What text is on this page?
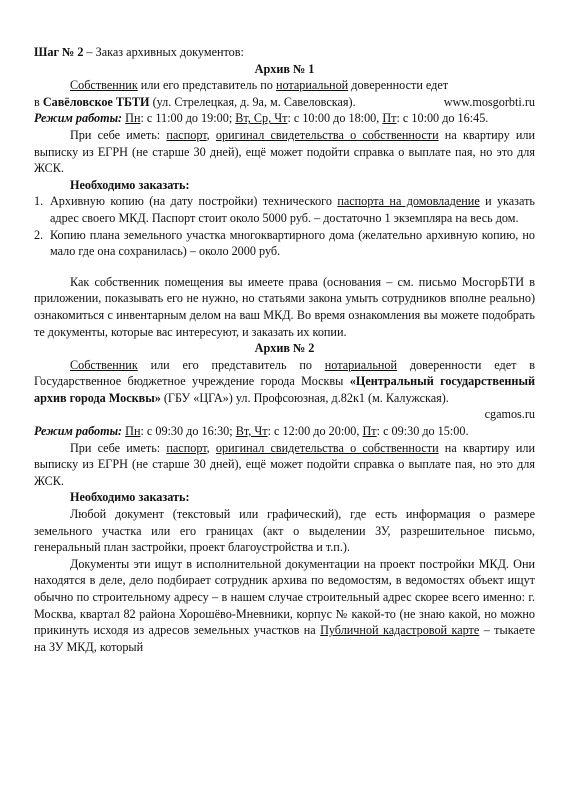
Шаг № 2 – Заказ архивных документов:

Архив № 1

Собственник или его представитель по нотариальной доверенности едет

в Савёловское ТБТИ (ул. Стрелецкая, д. 9а, м. Савеловская).	www.mosgorbti.ru

Режим работы: Пн: с 11:00 до 19:00; Вт, Ср, Чт: с 10:00 до 18:00, Пт: с 10:00 до 16:45.

При себе иметь: паспорт, оригинал свидетельства о собственности на квартиру или выписку из ЕГРН (не старше 30 дней), ещё может подойти справка о выплате пая, но это для ЖСК.

Необходимо заказать:

1. Архивную копию (на дату постройки) технического паспорта на домовладение и указать адрес своего МКД. Паспорт стоит около 5000 руб. – достаточно 1 экземпляра на весь дом.
2. Копию плана земельного участка многоквартирного дома (желательно архивную копию, но мало где она сохранилась) – около 2000 руб.

Как собственник помещения вы имеете права (основания – см. письмо МосгорБТИ в приложении, показывать его не нужно, но статьями закона умыть сотрудников вполне реально) ознакомиться с инвентарным делом на ваш МКД. Во время ознакомления вы можете подобрать те документы, которые вас интересуют, и заказать их копии.

Архив № 2

Собственник или его представитель по нотариальной доверенности едет в Государственное бюджетное учреждение города Москвы «Центральный государственный архив города Москвы» (ГБУ «ЦГА») ул. Профсоюзная, д.82к1 (м. Калужская).

cgamos.ru

Режим работы: Пн: с 09:30 до 16:30; Вт, Чт: с 12:00 до 20:00, Пт: с 09:30 до 15:00.

При себе иметь: паспорт, оригинал свидетельства о собственности на квартиру или выписку из ЕГРН (не старше 30 дней), ещё может подойти справка о выплате пая, но это для ЖСК.

Необходимо заказать:

Любой документ (текстовый или графический), где есть информация о размере земельного участка или его границах (акт о выделении ЗУ, разрешительное письмо, генеральный план застройки, проект благоустройства и т.п.).

Документы эти ищут в исполнительной документации на проект постройки МКД. Они находятся в деле, дело подбирает сотрудник архива по ведомостям, в ведомостях объект ищут обычно по строительному адресу – в нашем случае строительный адрес скорее всего именно: г. Москва, квартал 82 района Хорошёво-Мневники, корпус № какой-то (не знаю какой, но можно прикинуть исходя из адресов земельных участков на Публичной кадастровой карте – тыкаете на ЗУ МКД, который
